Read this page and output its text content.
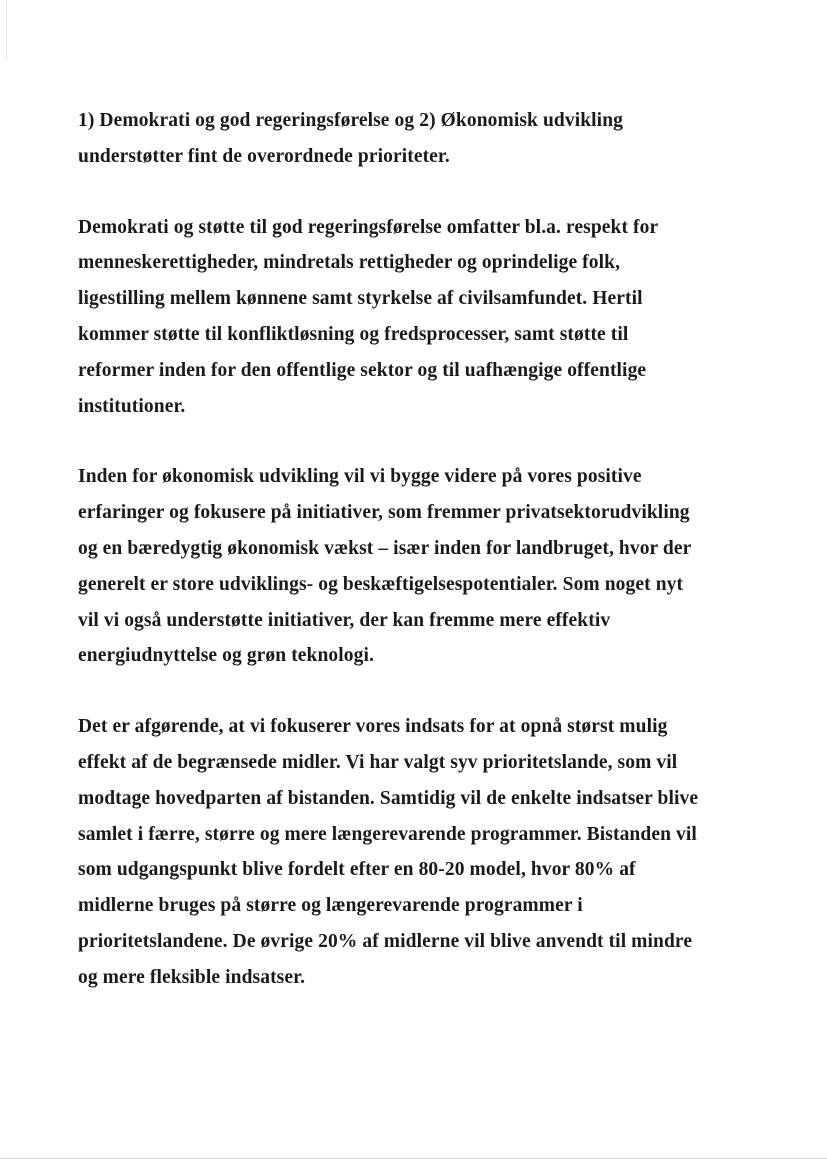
1) Demokrati og god regeringsførelse og 2) Økonomisk udvikling
understøtter fint de overordnede prioriteter.

Demokrati og støtte til god regeringsførelse omfatter bl.a. respekt for
menneskerettigheder, mindretals rettigheder og oprindelige folk,
ligestilling mellem kønnene samt styrkelse af civilsamfundet. Hertil
kommer støtte til konfliktløsning og fredsprocesser, samt støtte til
reformer inden for den offentlige sektor og til uafhængige offentlige
institutioner.

Inden for økonomisk udvikling vil vi bygge videre på vores positive
erfaringer og fokusere på initiativer, som fremmer privatsektorudvikling
og en bæredygtig økonomisk vækst – især inden for landbruget, hvor der
generelt er store udviklings- og beskæftigelsespotentialer. Som noget nyt
vil vi også understøtte initiativer, der kan fremme mere effektiv
energiudnyttelse og grøn teknologi.

Det er afgørende, at vi fokuserer vores indsats for at opnå størst mulig
effekt af de begrænsede midler. Vi har valgt syv prioritetslande, som vil
modtage hovedparten af bistanden. Samtidig vil de enkelte indsatser blive
samlet i færre, større og mere længerevarende programmer. Bistanden vil
som udgangspunkt blive fordelt efter en 80-20 model, hvor 80% af
midlerne bruges på større og længerevarende programmer i
prioritetslandene. De øvrige 20% af midlerne vil blive anvendt til mindre
og mere fleksible indsatser.
